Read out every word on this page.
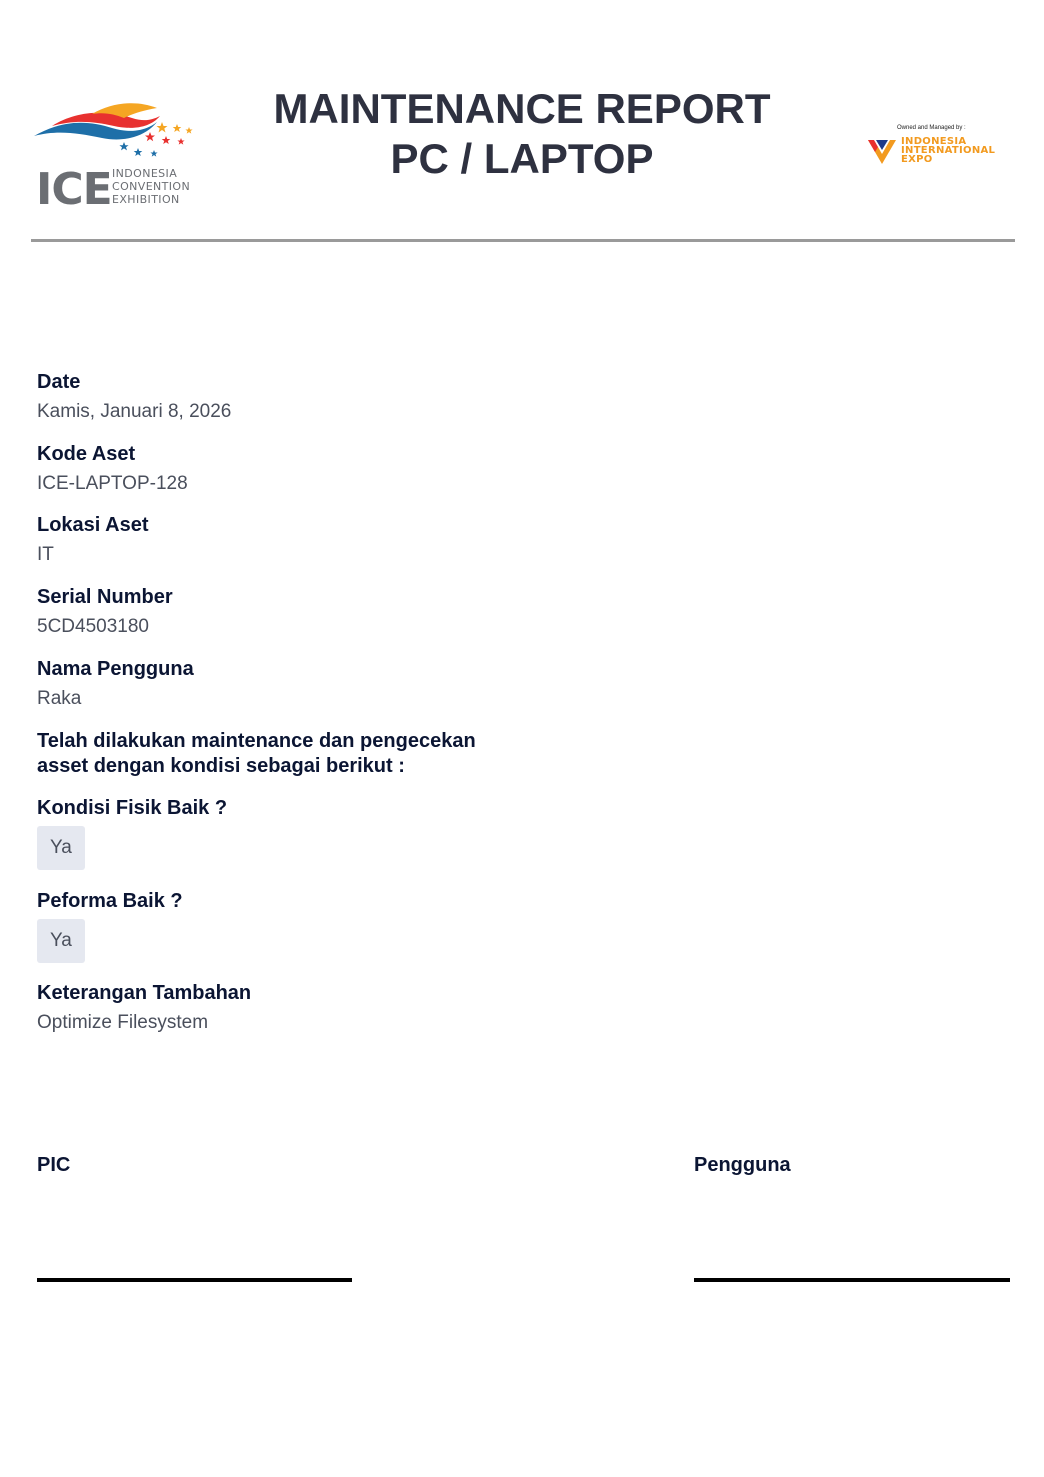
ICE INDONESIA
CONVENTION
EXHIBITION
MAINTENANCE REPORT
PC / LAPTOP
Owned and Managed by :
INDONESIA
INTERNATIONAL
EXPO
Date
Kamis, Januari 8, 2026
Kode Aset
ICE-LAPTOP-128
Lokasi Aset
IT
Serial Number
5CD4503180
Nama Pengguna
Raka
Telah dilakukan maintenance dan pengecekan asset dengan kondisi sebagai berikut :
Kondisi Fisik Baik ?
Ya
Peforma Baik ?
Ya
Keterangan Tambahan
Optimize Filesystem
PIC	Pengguna
